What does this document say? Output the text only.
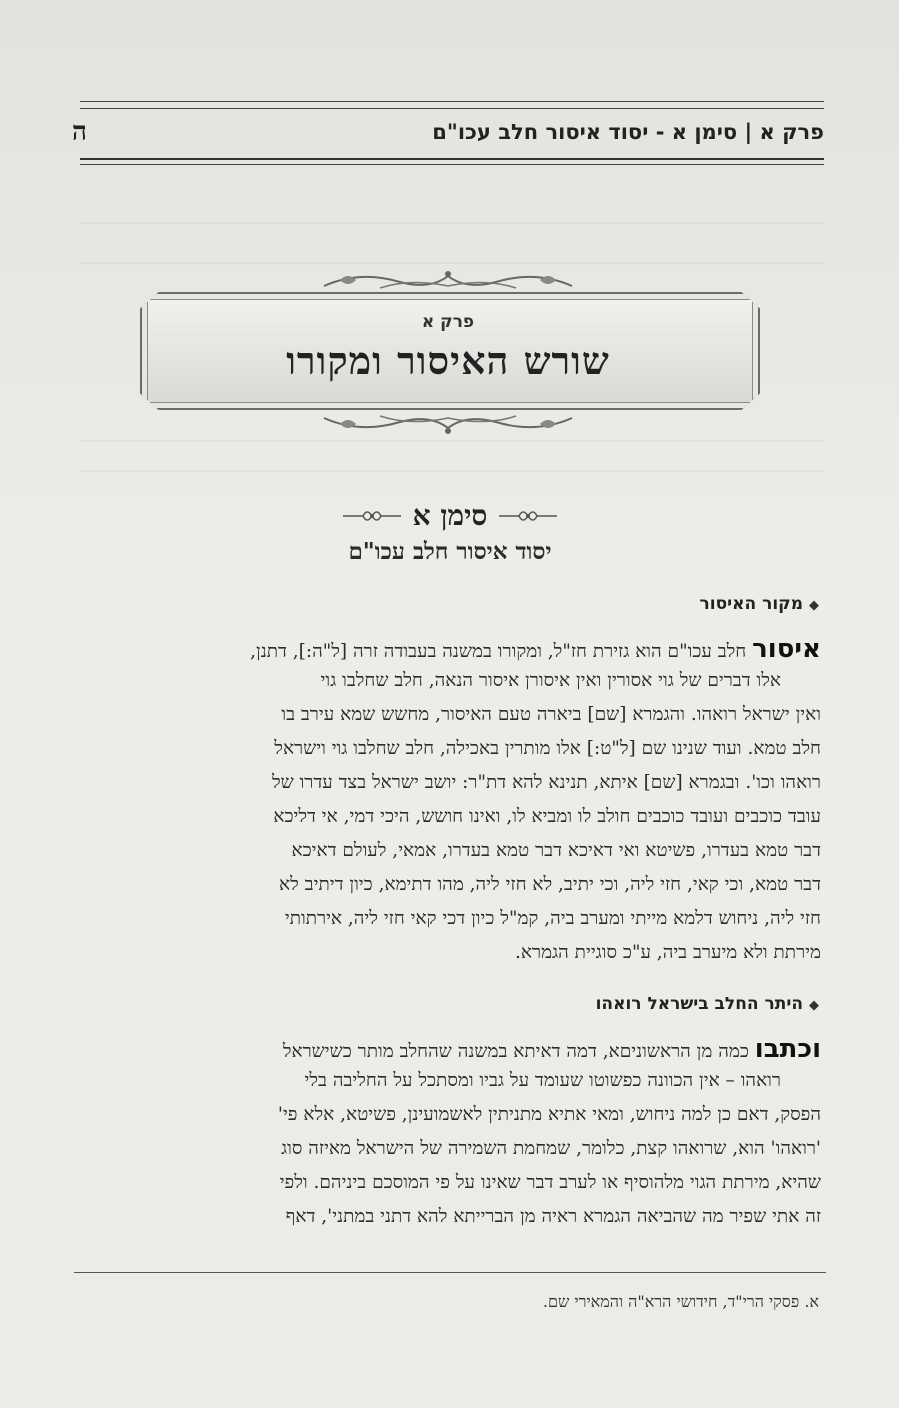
ה	פרק א | סימן א - יסוד איסור חלב עכו"ם
פרק א
שורש האיסור ומקורו
סימן א
יסוד איסור חלב עכו"ם
◆מקור האיסור
איסור חלב עכו"ם הוא גזירת חז"ל, ומקורו במשנה בעבודה זרה [ל"ה:], דתנן,
אלו דברים של גוי אסורין ואין איסורן איסור הנאה, חלב שחלבו גוי
ואין ישראל רואהו. והגמרא [שם] ביארה טעם האיסור, מחשש שמא עירב בו
חלב טמא. ועוד שנינו שם [ל"ט:] אלו מותרין באכילה, חלב שחלבו גוי וישראל
רואהו וכו'. ובגמרא [שם] איתא, תנינא להא דת"ר: יושב ישראל בצד עדרו של
עובד כוכבים ועובד כוכבים חולב לו ומביא לו, ואינו חושש, היכי דמי, אי דליכא
דבר טמא בעדרו, פשיטא ואי דאיכא דבר טמא בעדרו, אמאי, לעולם דאיכא
דבר טמא, וכי קאי, חזי ליה, וכי יתיב, לא חזי ליה, מהו דתימא, כיון דיתיב לא
חזי ליה, ניחוש דלמא מייתי ומערב ביה, קמ"ל כיון דכי קאי חזי ליה, אירתותי
מירתת ולא מיערב ביה, ע"כ סוגיית הגמרא.
◆היתר החלב בישראל רואהו
וכתבו כמה מן הראשוניםא, דמה דאיתא במשנה שהחלב מותר כשישראל
רואהו – אין הכוונה כפשוטו שעומד על גביו ומסתכל על החליבה בלי
הפסק, דאם כן למה ניחוש, ומאי אתיא מתניתין לאשמועינן, פשיטא, אלא פי'
'רואהו' הוא, שרואהו קצת, כלומר, שמחמת השמירה של הישראל מאיזה סוג
שהיא, מירתת הגוי מלהוסיף או לערב דבר שאינו על פי המוסכם ביניהם. ולפי
זה אתי שפיר מה שהביאה הגמרא ראיה מן הברייתא להא דתני במתני', דאף
א. פסקי הרי"ד, חידושי הרא"ה והמאירי שם.
